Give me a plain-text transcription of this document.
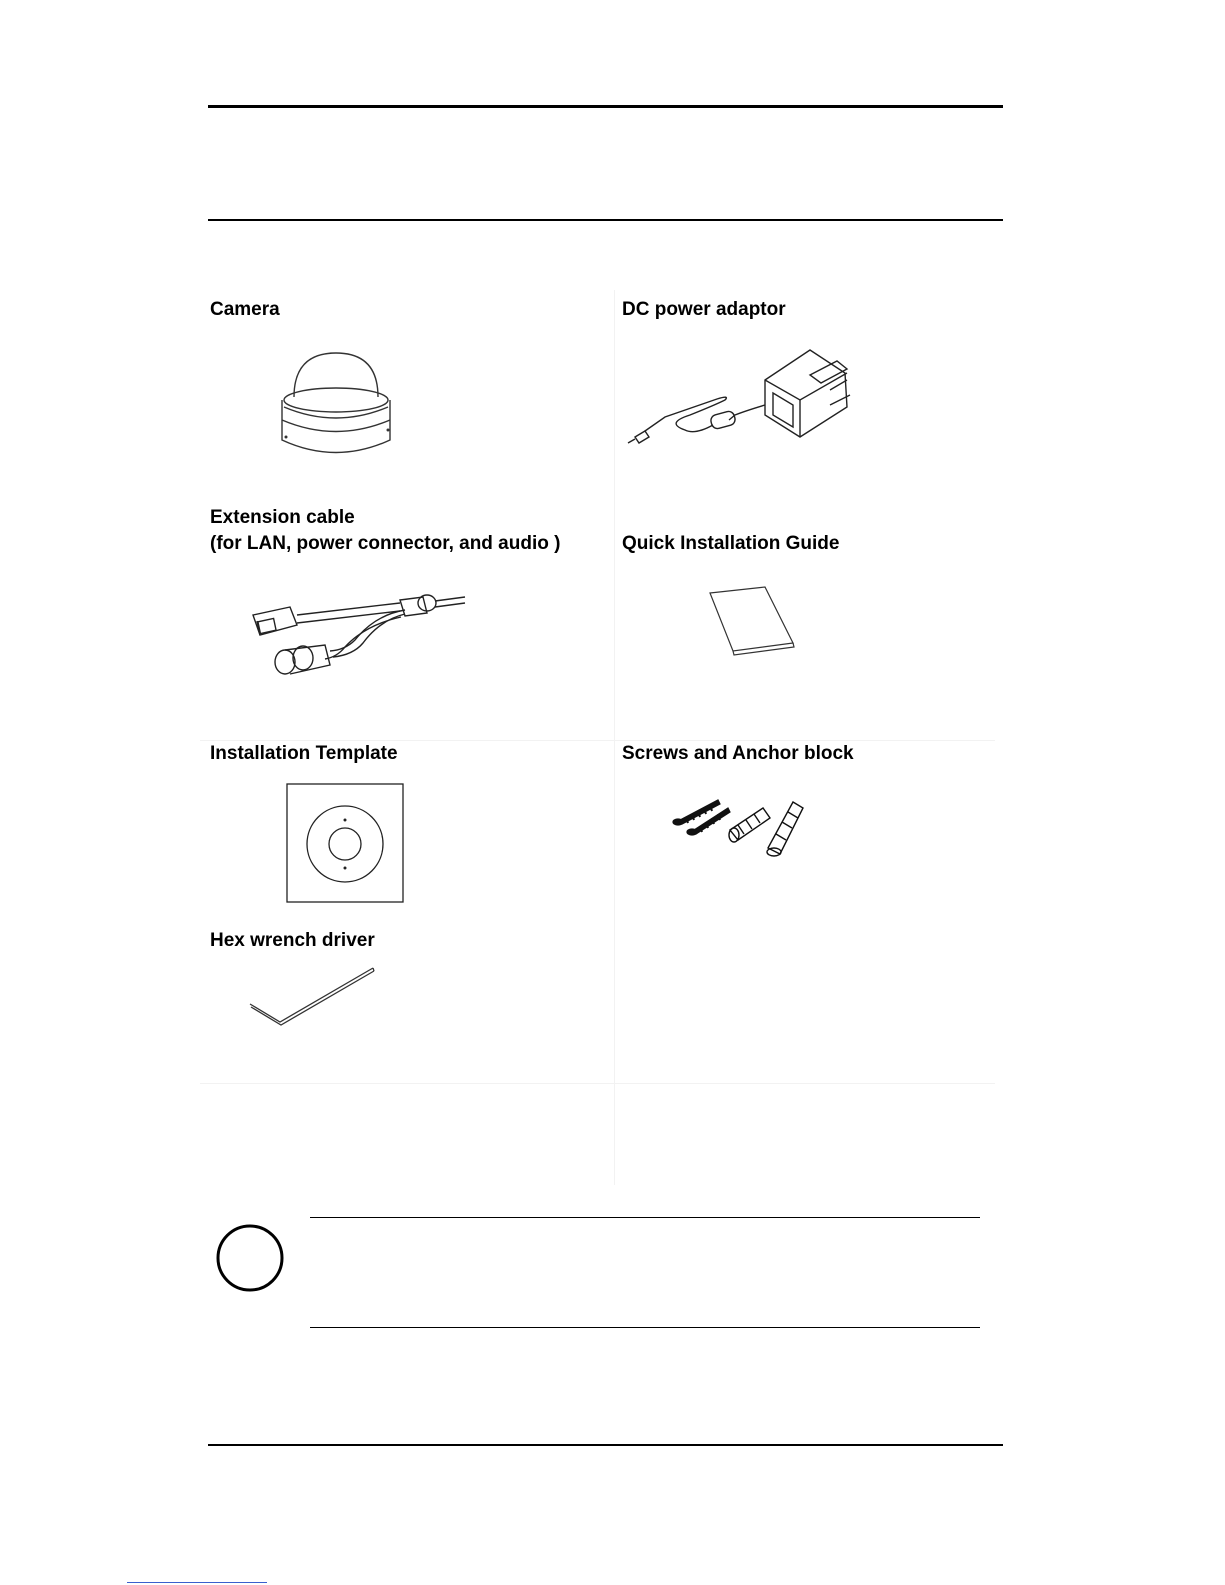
Camera	DC power adaptor
Extension cable
(for LAN, power connector, and audio )	Quick Installation Guide
Installation Template	Screws and Anchor block
Hex wrench driver
